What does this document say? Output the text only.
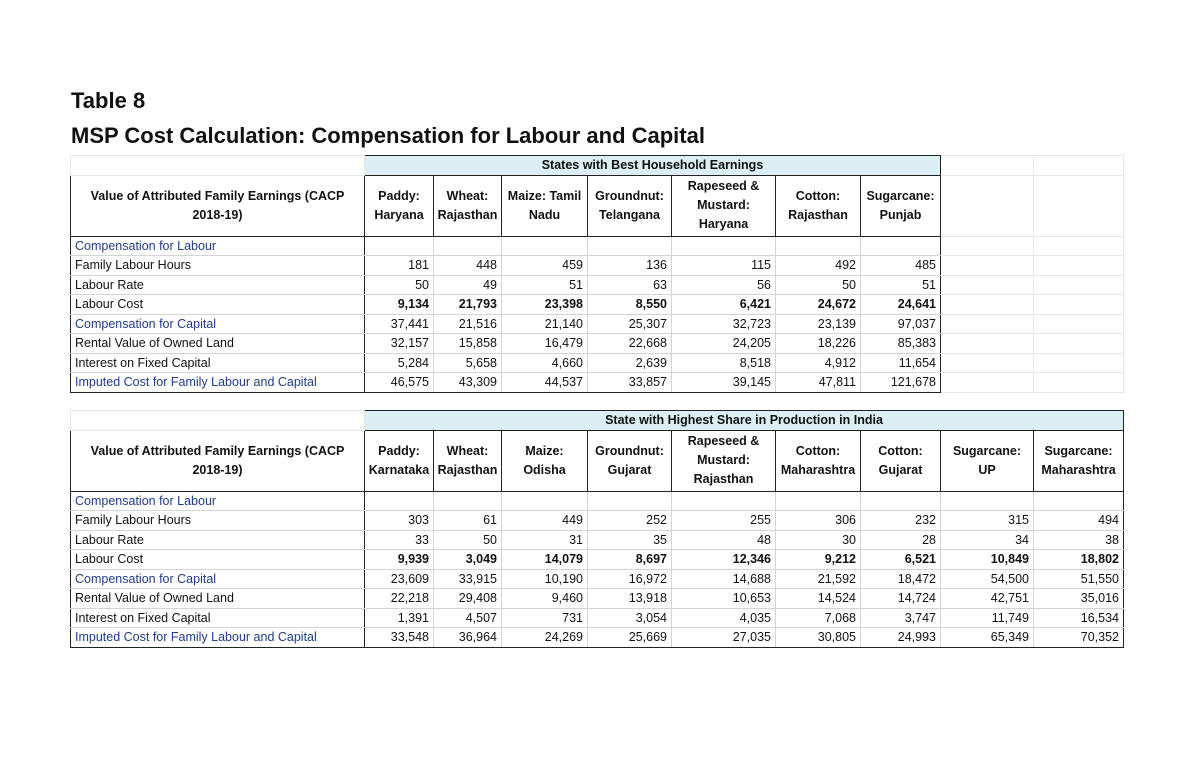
Table 8
MSP Cost Calculation: Compensation for Labour and Capital
	States with Best Household Earnings								
Value of Attributed Family Earnings (CACP 2018-19)	Paddy: Haryana	Wheat: Rajasthan	Maize: Tamil Nadu	Groundnut: Telangana	Rapeseed & Mustard: Haryana	Cotton: Rajasthan	Sugarcane: Punjab		
Compensation for Labour									
Family Labour Hours	181	448	459	136	115	492	485		
Labour Rate	50	49	51	63	56	50	51		
Labour Cost	9,134	21,793	23,398	8,550	6,421	24,672	24,641		
Compensation for Capital	37,441	21,516	21,140	25,307	32,723	23,139	97,037		
Rental Value of Owned Land	32,157	15,858	16,479	22,668	24,205	18,226	85,383		
Interest on Fixed Capital	5,284	5,658	4,660	2,639	8,518	4,912	11,654		
Imputed Cost for Family Labour and Capital	46,575	43,309	44,537	33,857	39,145	47,811	121,678		
	State with Highest Share in Production in India								
Value of Attributed Family Earnings (CACP 2018-19)	Paddy: Karnataka	Wheat: Rajasthan	Maize: Odisha	Groundnut: Gujarat	Rapeseed & Mustard: Rajasthan	Cotton: Maharashtra	Cotton: Gujarat	Sugarcane: UP	Sugarcane: Maharashtra
Compensation for Labour									
Family Labour Hours	303	61	449	252	255	306	232	315	494
Labour Rate	33	50	31	35	48	30	28	34	38
Labour Cost	9,939	3,049	14,079	8,697	12,346	9,212	6,521	10,849	18,802
Compensation for Capital	23,609	33,915	10,190	16,972	14,688	21,592	18,472	54,500	51,550
Rental Value of Owned Land	22,218	29,408	9,460	13,918	10,653	14,524	14,724	42,751	35,016
Interest on Fixed Capital	1,391	4,507	731	3,054	4,035	7,068	3,747	11,749	16,534
Imputed Cost for Family Labour and Capital	33,548	36,964	24,269	25,669	27,035	30,805	24,993	65,349	70,352
